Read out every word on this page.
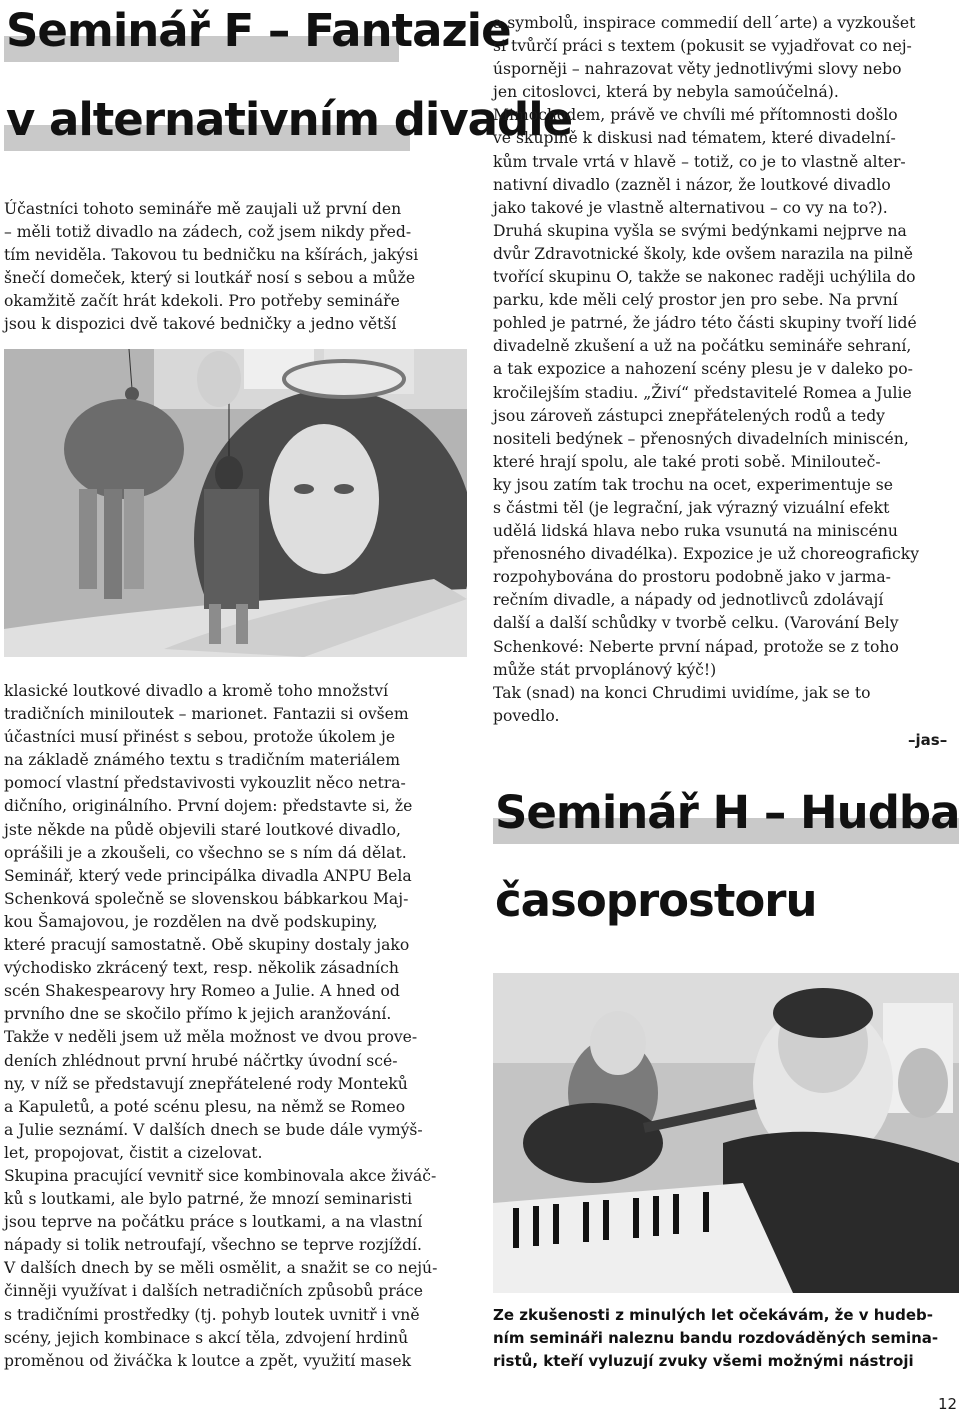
Seminář F – Fantazie
v alternativním divadle

Účastníci tohoto semináře mě zaujali už první den

– měli totiž divadlo na zádech, což jsem nikdy před-

tím neviděla. Takovou tu bedničku na kšírách, jakýsi

šnečí domeček, který si loutkář nosí s sebou a může

okamžitě začít hrát kdekoli. Pro potřeby semináře

jsou k dispozici dvě takové bedničky a jedno větší

klasické loutkové divadlo a kromě toho množství

tradičních miniloutek – marionet. Fantazii si ovšem

účastníci musí přinést s sebou, protože úkolem je

na základě známého textu s tradičním materiálem

pomocí vlastní představivosti vykouzlit něco netra-

dičního, originálního. První dojem: představte si, že

jste někde na půdě objevili staré loutkové divadlo,

oprášili je a zkoušeli, co všechno se s ním dá dělat.

Seminář, který vede principálka divadla ANPU Bela

Schenková společně se slovenskou bábkarkou Maj-

kou Šamajovou, je rozdělen na dvě podskupiny,

které pracují samostatně. Obě skupiny dostaly jako

východisko zkrácený text, resp. několik zásadních

scén Shakespearovy hry Romeo a Julie. A hned od

prvního dne se skočilo přímo k jejich aranžování.

Takže v neděli jsem už měla možnost ve dvou prove-

deních zhlédnout první hrubé náčrtky úvodní scé-

ny, v níž se představují znepřátelené rody Monteků

a Kapuletů, a poté scénu plesu, na němž se Romeo

a Julie seznámí. V dalších dnech se bude dále vymýš-

let, propojovat, čistit a cizelovat.

Skupina pracující vevnitř sice kombinovala akce živáč-

ků s loutkami, ale bylo patrné, že mnozí seminaristi

jsou teprve na počátku práce s loutkami, a na vlastní

nápady si tolik netroufají, všechno se teprve rozjíždí.

V dalších dnech by se měli osmělit, a snažit se co nejú-

činněji využívat i dalších netradičních způsobů práce

s tradičními prostředky (tj. pohyb loutek uvnitř i vně

scény, jejich kombinace s akcí těla, zdvojení hrdinů

proměnou od živáčka k loutce a zpět, využití masek

a symbolů, inspirace commedií dell´arte) a vyzkoušet

si tvůrčí práci s textem (pokusit se vyjadřovat co nej-

úsporněji – nahrazovat věty jednotlivými slovy nebo

jen citoslovci, která by nebyla samoúčelná).

Mimochodem, právě ve chvíli mé přítomnosti došlo

ve skupině k diskusi nad tématem, které divadelní-

kům trvale vrtá v hlavě – totiž, co je to vlastně alter-

nativní divadlo (zazněl i názor, že loutkové divadlo

jako takové je vlastně alternativou – co vy na to?).

Druhá skupina vyšla se svými bedýnkami nejprve na

dvůr Zdravotnické školy, kde ovšem narazila na pilně

tvořící skupinu O, takže se nakonec raději uchýlila do

parku, kde měli celý prostor jen pro sebe. Na první

pohled je patrné, že jádro této části skupiny tvoří lidé

divadelně zkušení a už na počátku semináře sehraní,

a tak expozice a nahození scény plesu je v daleko po-

kročilejším stadiu. „Živí“ představitelé Romea a Julie

jsou zároveň zástupci znepřátelených rodů a tedy

nositeli bedýnek – přenosných divadelních miniscén,

které hrají spolu, ale také proti sobě. Minilouteč-

ky jsou zatím tak trochu na ocet, experimentuje se

s částmi těl (je legrační, jak výrazný vizuální efekt

udělá lidská hlava nebo ruka vsunutá na miniscénu

přenosného divadélka). Expozice je už choreograficky

rozpohybována do prostoru podobně jako v jarma-

rečním divadle, a nápady od jednotlivců zdolávají

další a další schůdky v tvorbě celku. (Varování Bely

Schenkové: Neberte první nápad, protože se z toho

může stát prvoplánový kýč!)

Tak (snad) na konci Chrudimi uvidíme, jak se to

povedlo.

–jas–
Seminář H – Hudba
časoprostoru
Ze zkušenosti z minulých let očekávám, že v hudeb-
ním semináři naleznu bandu rozdováděných semina-
ristů, kteří vyluzují zvuky všemi možnými nástroji
12
